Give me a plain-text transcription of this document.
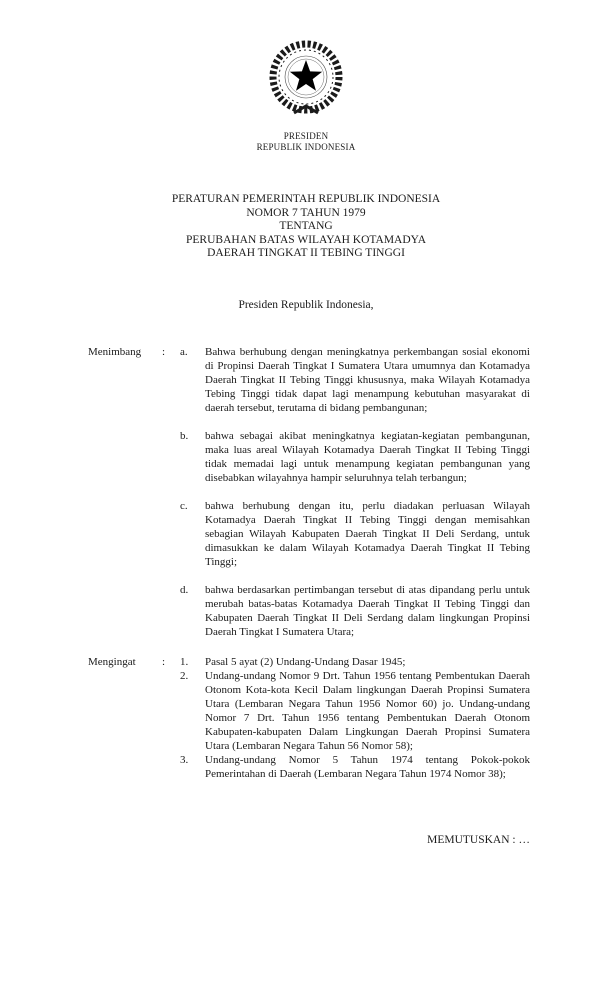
PRESIDEN
REPUBLIK INDONESIA
PERATURAN PEMERINTAH REPUBLIK INDONESIA
NOMOR 7 TAHUN 1979
TENTANG
PERUBAHAN BATAS WILAYAH KOTAMADYA
DAERAH TINGKAT II TEBING TINGGI
Presiden Republik Indonesia,
Menimbang	:	a.	Bahwa berhubung dengan meningkatnya perkembangan sosial ekonomi di Propinsi Daerah Tingkat I Sumatera Utara umumnya dan Kotamadya Daerah Tingkat II Tebing Tinggi khususnya, maka Wilayah Kotamadya Tebing Tinggi tidak dapat lagi menampung kebutuhan masyarakat di daerah tersebut, terutama di bidang pembangunan;
b.	bahwa sebagai akibat meningkatnya kegiatan-kegiatan pembangunan, maka luas areal Wilayah Kotamadya Daerah Tingkat II Tebing Tinggi tidak memadai lagi untuk menampung kegiatan pembangunan yang disebabkan wilayahnya hampir seluruhnya telah terbangun;
c.	bahwa berhubung dengan itu, perlu diadakan perluasan Wilayah Kotamadya Daerah Tingkat II Tebing Tinggi dengan memisahkan sebagian Wilayah Kabupaten Daerah Tingkat II Deli Serdang, untuk dimasukkan ke dalam Wilayah Kotamadya Daerah Tingkat II Tebing Tinggi;
d.	bahwa berdasarkan pertimbangan tersebut di atas dipandang perlu untuk merubah batas-batas Kotamadya Daerah Tingkat II Tebing Tinggi dan Kabupaten Daerah Tingkat II Deli Serdang dalam lingkungan Propinsi Daerah Tingkat I Sumatera Utara;
Mengingat	:	1.	Pasal 5 ayat (2) Undang-Undang Dasar 1945;
2.	Undang-undang Nomor 9 Drt. Tahun 1956 tentang Pembentukan Daerah Otonom Kota-kota Kecil Dalam lingkungan Daerah Propinsi Sumatera Utara (Lembaran Negara Tahun 1956 Nomor 60) jo. Undang-undang Nomor 7 Drt. Tahun 1956 tentang Pembentukan Daerah Otonom Kabupaten-kabupaten Dalam Lingkungan Daerah Propinsi Sumatera Utara (Lembaran Negara Tahun 56 Nomor 58);
3.	Undang-undang Nomor 5 Tahun 1974 tentang Pokok-pokok Pemerintahan di Daerah (Lembaran Negara Tahun 1974 Nomor 38);
MEMUTUSKAN : …
